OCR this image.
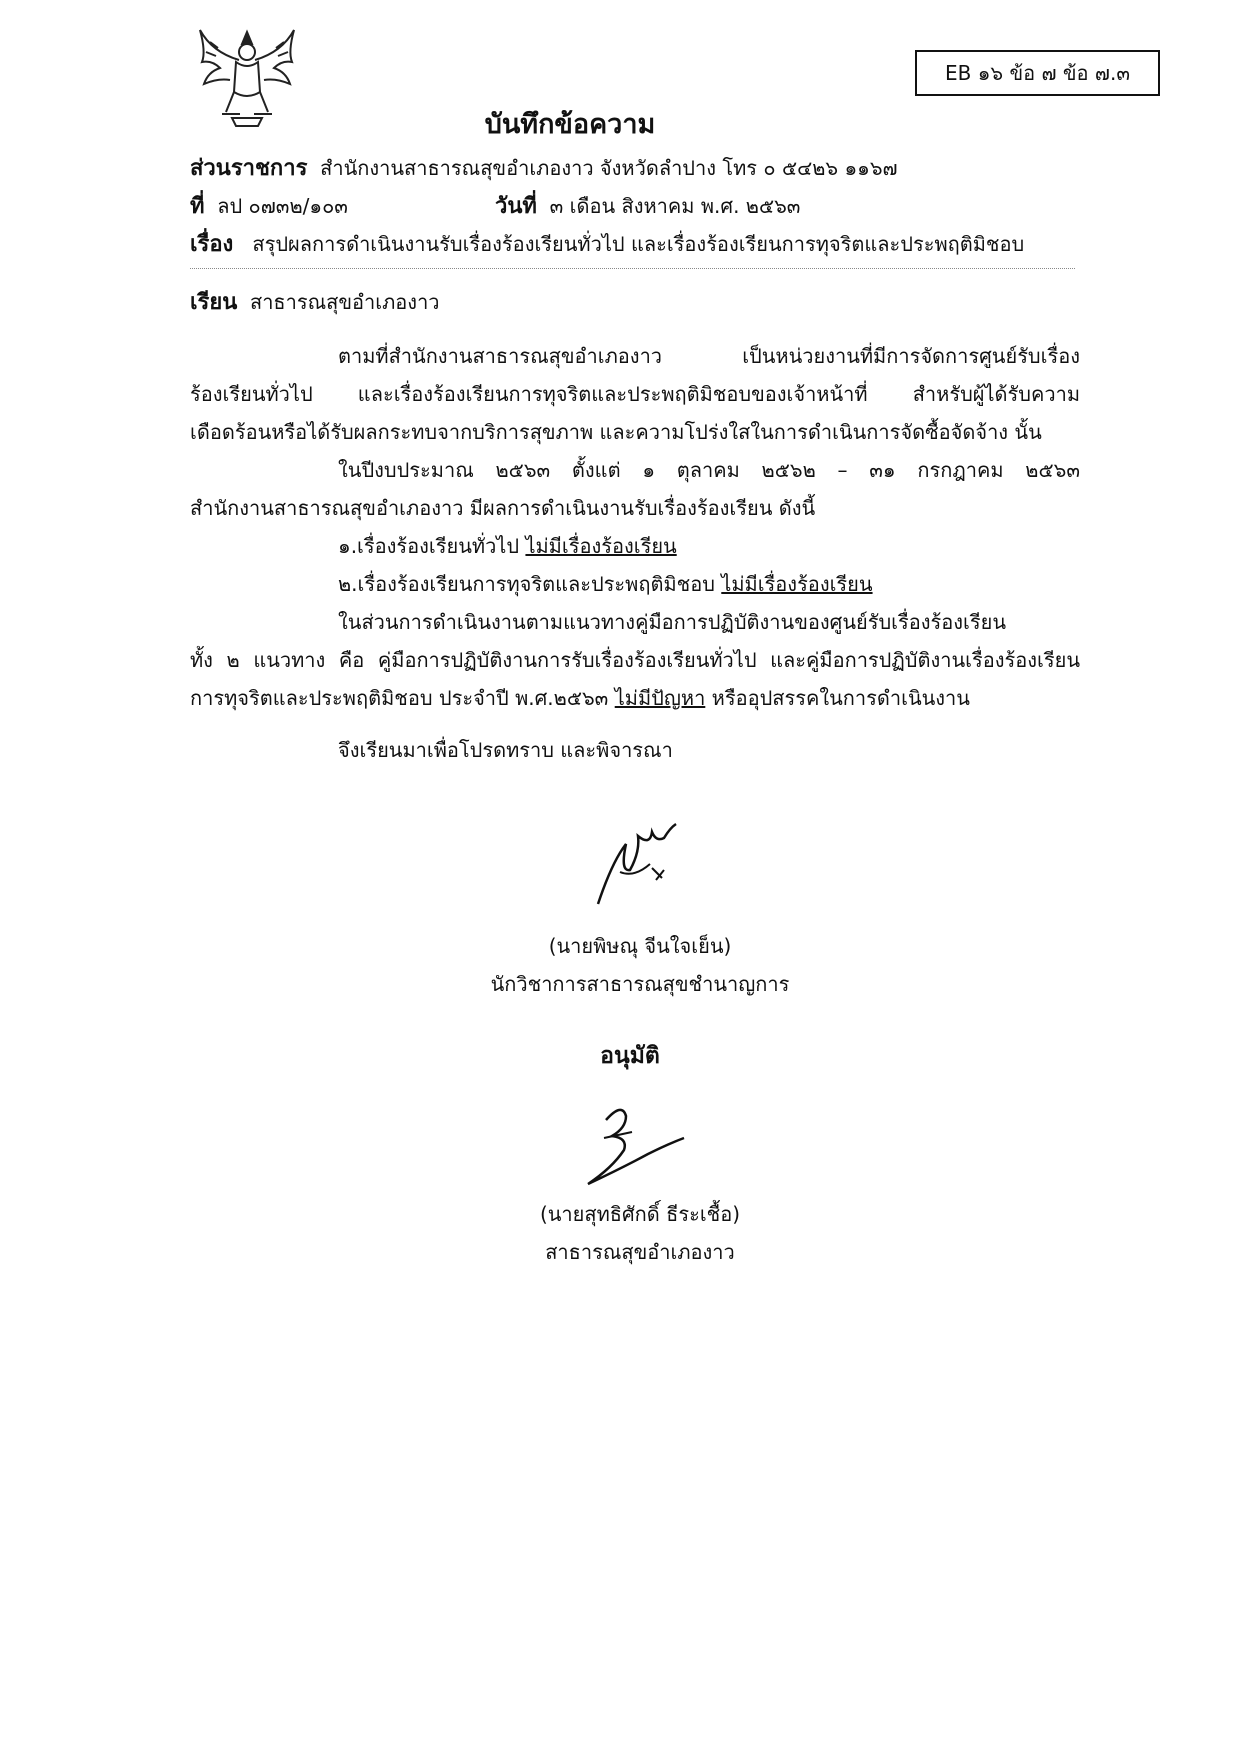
EB ๑๖ ข้อ ๗ ข้อ ๗.๓
บันทึกข้อความ
ส่วนราชการ สำนักงานสาธารณสุขอำเภองาว จังหวัดลำปาง โทร ๐ ๕๔๒๖ ๑๑๖๗
ที่ ลป ๐๗๓๒/๑๐๓	วันที่ ๓ เดือน สิงหาคม พ.ศ. ๒๕๖๓
เรื่อง สรุปผลการดำเนินงานรับเรื่องร้องเรียนทั่วไป และเรื่องร้องเรียนการทุจริตและประพฤติมิชอบ
เรียน สาธารณสุขอำเภองาว
ตามที่สำนักงานสาธารณสุขอำเภองาว เป็นหน่วยงานที่มีการจัดการศูนย์รับเรื่อง
ร้องเรียนทั่วไป และเรื่องร้องเรียนการทุจริตและประพฤติมิชอบของเจ้าหน้าที่ สำหรับผู้ได้รับความ
เดือดร้อนหรือได้รับผลกระทบจากบริการสุขภาพ และความโปร่งใสในการดำเนินการจัดซื้อจัดจ้าง นั้น
ในปีงบประมาณ ๒๕๖๓ ตั้งแต่ ๑ ตุลาคม ๒๕๖๒ – ๓๑ กรกฎาคม ๒๕๖๓
สำนักงานสาธารณสุขอำเภองาว มีผลการดำเนินงานรับเรื่องร้องเรียน ดังนี้
๑.เรื่องร้องเรียนทั่วไป ไม่มีเรื่องร้องเรียน
๒.เรื่องร้องเรียนการทุจริตและประพฤติมิชอบ ไม่มีเรื่องร้องเรียน
ในส่วนการดำเนินงานตามแนวทางคู่มือการปฏิบัติงานของศูนย์รับเรื่องร้องเรียน
ทั้ง ๒ แนวทาง คือ คู่มือการปฏิบัติงานการรับเรื่องร้องเรียนทั่วไป และคู่มือการปฏิบัติงานเรื่องร้องเรียน
การทุจริตและประพฤติมิชอบ ประจำปี พ.ศ.๒๕๖๓ ไม่มีปัญหา หรืออุปสรรคในการดำเนินงาน
จึงเรียนมาเพื่อโปรดทราบ และพิจารณา
(นายพิษณุ จีนใจเย็น)
นักวิชาการสาธารณสุขชำนาญการ
อนุมัติ
(นายสุทธิศักดิ์ ธีระเชื้อ)
สาธารณสุขอำเภองาว
